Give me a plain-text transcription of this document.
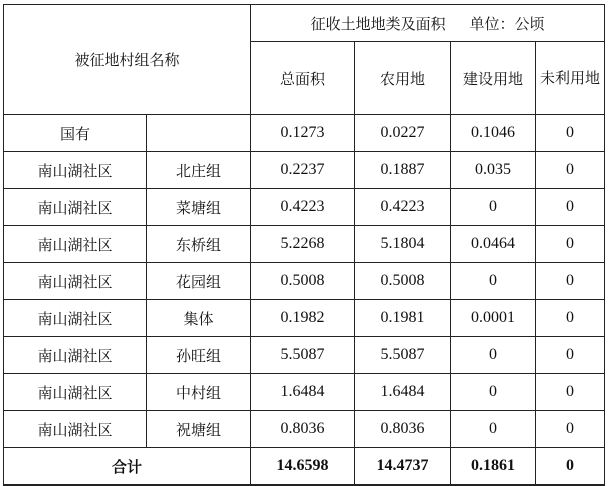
被征地村组名称		征收土地地类及面积 单位：公顷			
		总面积	农用地	建设用地	未利用地
国有		0.1273	0.0227	0.1046	0
南山湖社区	北庄组	0.2237	0.1887	0.035	0
南山湖社区	菜塘组	0.4223	0.4223	0	0
南山湖社区	东桥组	5.2268	5.1804	0.0464	0
南山湖社区	花园组	0.5008	0.5008	0	0
南山湖社区	集体	0.1982	0.1981	0.0001	0
南山湖社区	孙旺组	5.5087	5.5087	0	0
南山湖社区	中村组	1.6484	1.6484	0	0
南山湖社区	祝塘组	0.8036	0.8036	0	0
合计		14.6598	14.4737	0.1861	0
